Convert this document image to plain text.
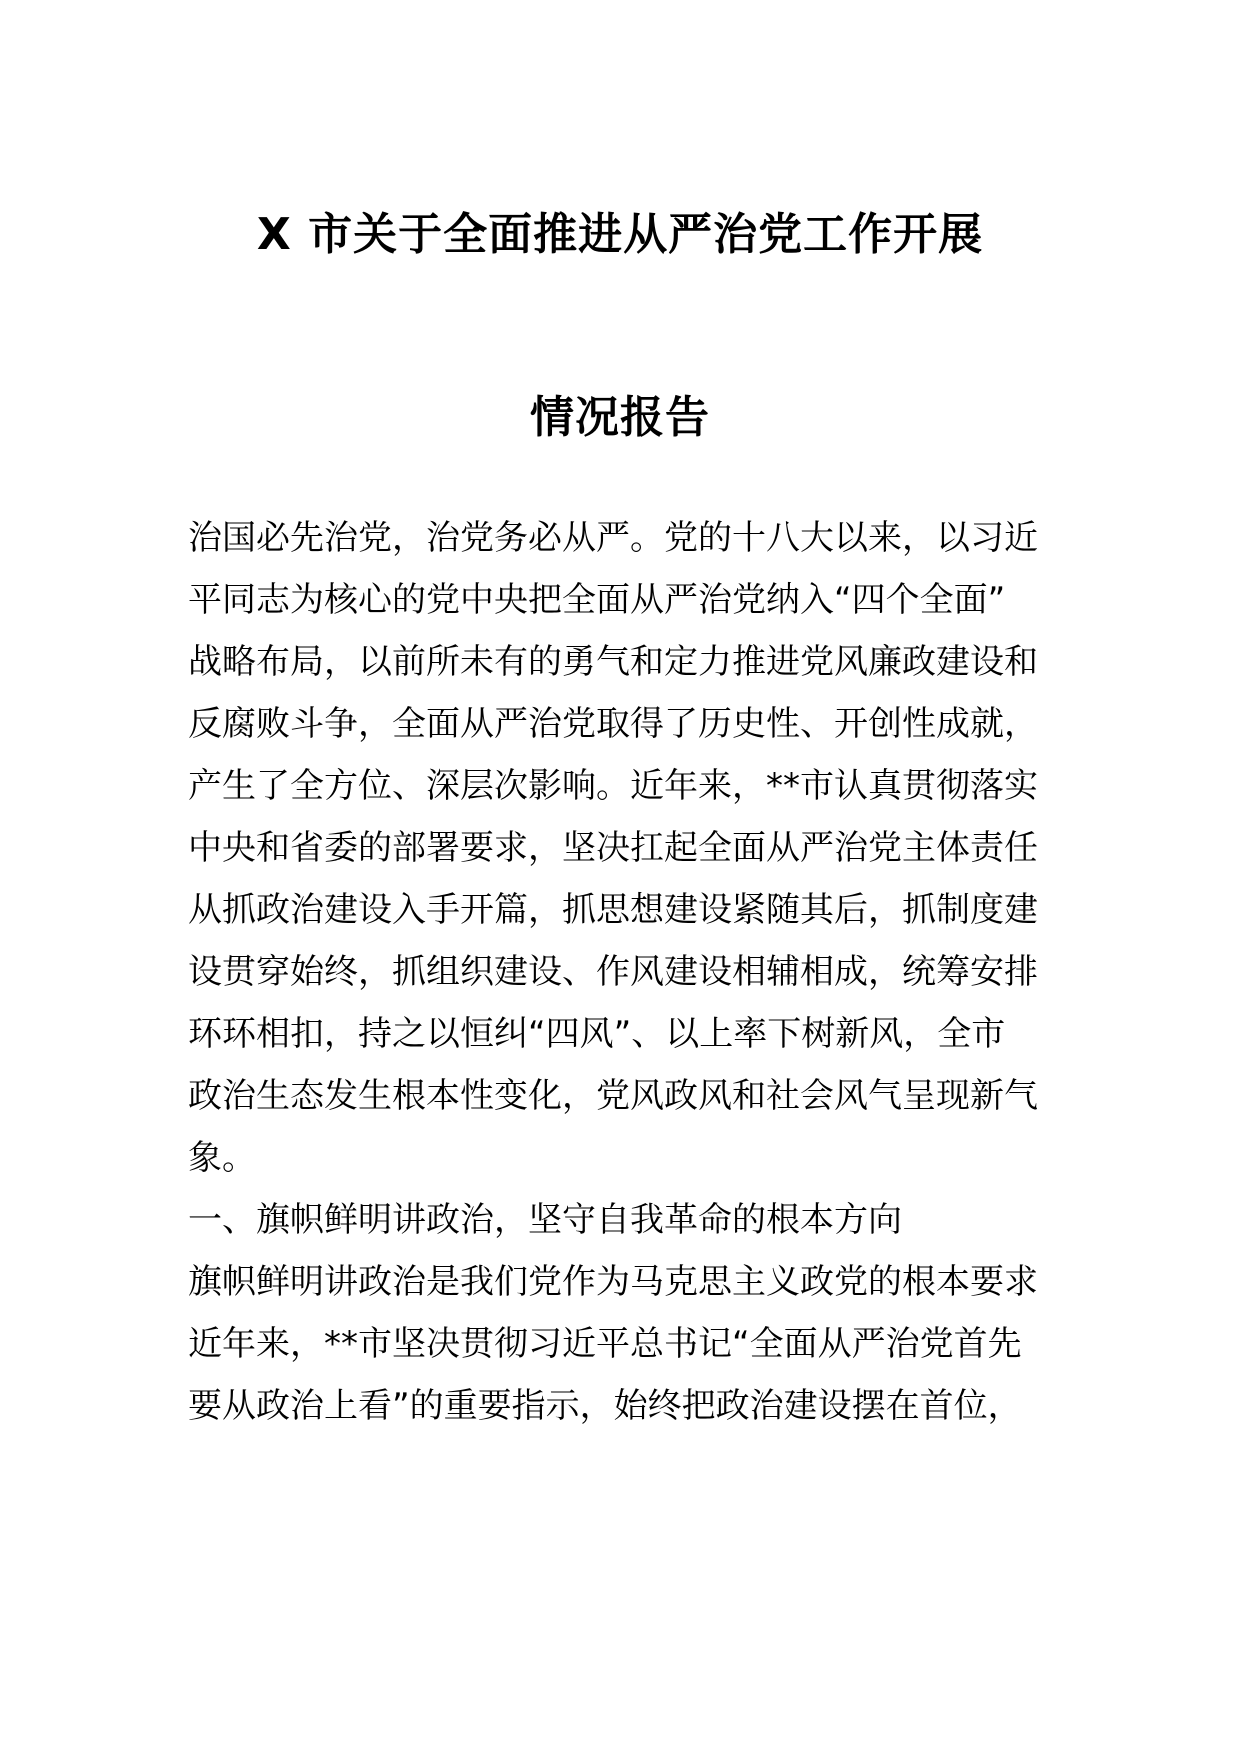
X 市关于全面推进从严治党工作开展
情况报告
治国必先治党，治党务必从严。党的十八大以来，以习近
平同志为核心的党中央把全面从严治党纳入“四个全面”
战略布局，以前所未有的勇气和定力推进党风廉政建设和
反腐败斗争，全面从严治党取得了历史性、开创性成就，
产生了全方位、深层次影响。近年来，**市认真贯彻落实
中央和省委的部署要求，坚决扛起全面从严治党主体责任
从抓政治建设入手开篇，抓思想建设紧随其后，抓制度建
设贯穿始终，抓组织建设、作风建设相辅相成，统筹安排
环环相扣，持之以恒纠“四风”、以上率下树新风，全市
政治生态发生根本性变化，党风政风和社会风气呈现新气
象。
一、旗帜鲜明讲政治，坚守自我革命的根本方向
旗帜鲜明讲政治是我们党作为马克思主义政党的根本要求
近年来，**市坚决贯彻习近平总书记“全面从严治党首先
要从政治上看”的重要指示，始终把政治建设摆在首位，
